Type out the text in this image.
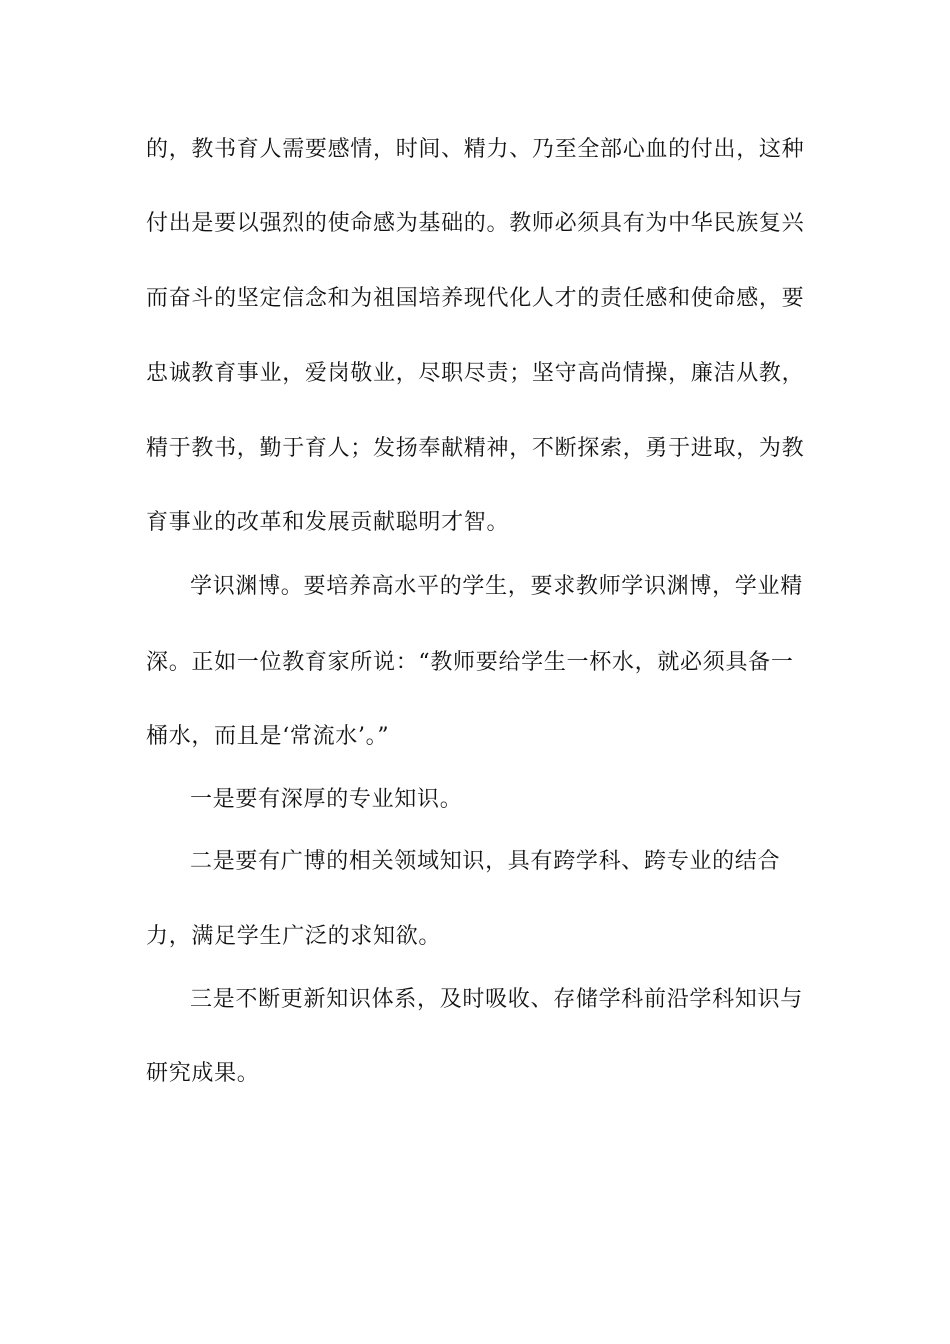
的，教书育人需要感情，时间、精力、乃至全部心血的付出，这种
付出是要以强烈的使命感为基础的。教师必须具有为中华民族复兴
而奋斗的坚定信念和为祖国培养现代化人才的责任感和使命感，要
忠诚教育事业，爱岗敬业，尽职尽责；坚守高尚情操，廉洁从教，
精于教书，勤于育人；发扬奉献精神，不断探索，勇于进取，为教
育事业的改革和发展贡献聪明才智。
学识渊博。要培养高水平的学生，要求教师学识渊博，学业精
深。正如一位教育家所说：“教师要给学生一杯水，就必须具备一
桶水，而且是‘常流水’。”
一是要有深厚的专业知识。
二是要有广博的相关领域知识，具有跨学科、跨专业的结合
力，满足学生广泛的求知欲。
三是不断更新知识体系，及时吸收、存储学科前沿学科知识与
研究成果。
